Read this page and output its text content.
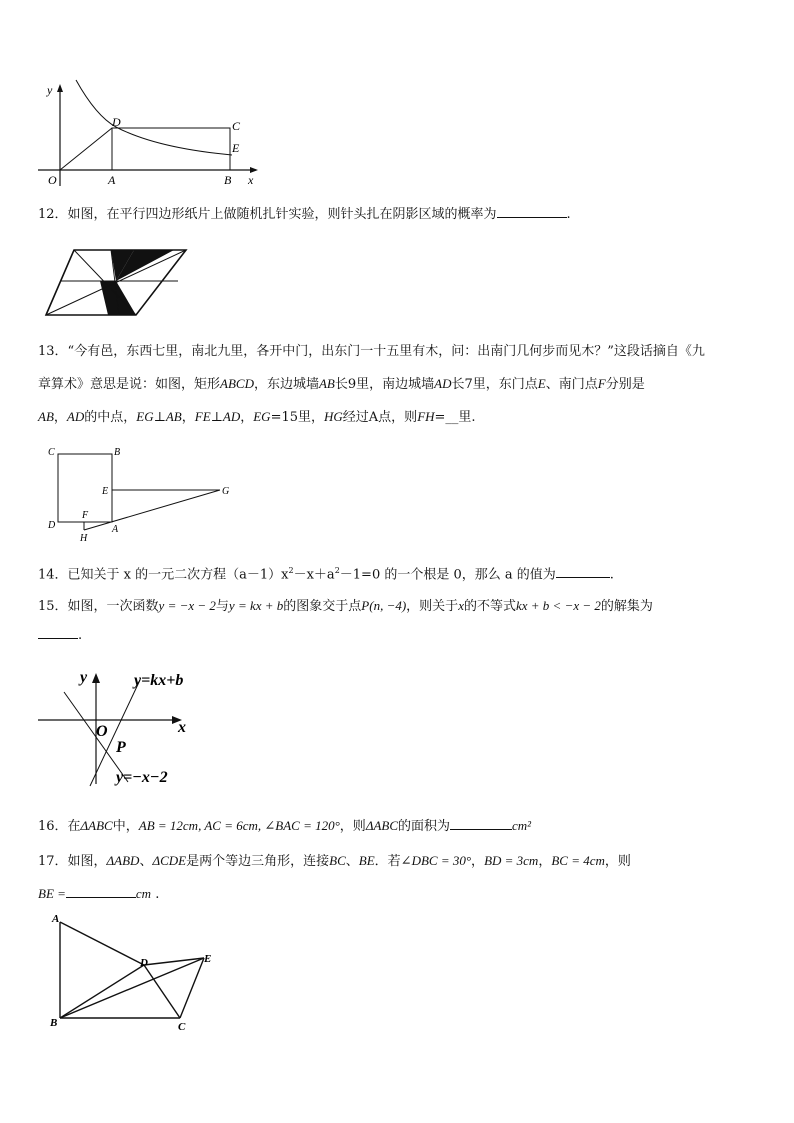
y
x
O	A	B
C
D
E
12．如图，在平行四边形纸片上做随机扎针实验，则针头扎在阴影区域的概率为	.
13．“今有邑，东西七里，南北九里，各开中门，出东门一十五里有木，问：出南门几何步而见木？”这段话摘自《九
章算术》意思是说：如图，矩形ABCD，东边城墙AB长9里，南边城墙AD长7里，东门点E、南门点F分别是
AB，AD的中点，EG⊥AB，FE⊥AD，EG=15里，HG经过A点，则FH=__里.
C	B
E	G
D
F
A
H
14．已知关于 x 的一元二次方程$(a-1)x^2-x+a^2-1=0$ 的一个根是 0，那么 a 的值为	.
15．如图，一次函数y = −x − 2与y = kx + b的图象交于点P(n, −4)，则关于x的不等式kx + b < −x − 2的解集为
.
y
x
O
P
y=kx+b
y=−x−2
16．在ΔABC中，AB = 12cm, AC = 6cm, ∠BAC = 120°，则ΔABC的面积为	cm²
17．如图，ΔABD、ΔCDE是两个等边三角形，连接BC、BE．若∠DBC = 30°，BD = 3cm，BC = 4cm，则
BE =	cm .
A
B	C
D	E
